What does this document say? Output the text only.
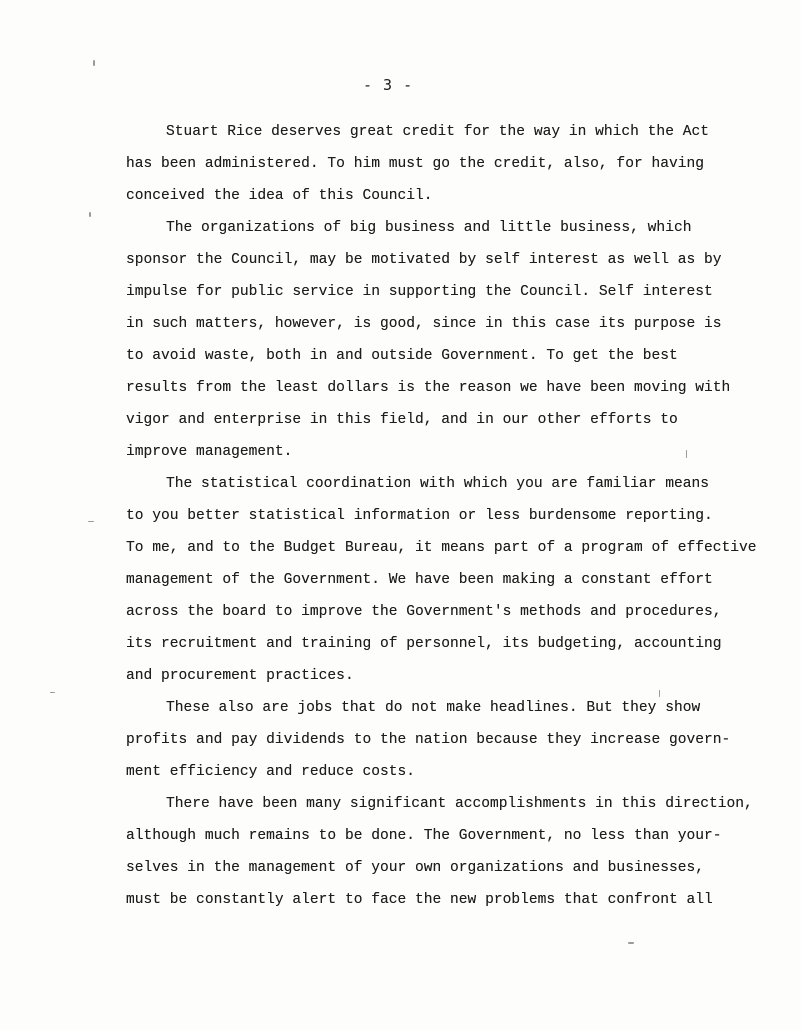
- 3 -

Stuart Rice deserves great credit for the way in which the Act
has been administered. To him must go the credit, also, for having
conceived the idea of this Council.

The organizations of big business and little business, which
sponsor the Council, may be motivated by self interest as well as by
impulse for public service in supporting the Council. Self interest
in such matters, however, is good, since in this case its purpose is
to avoid waste, both in and outside Government. To get the best
results from the least dollars is the reason we have been moving with
vigor and enterprise in this field, and in our other efforts to
improve management.

The statistical coordination with which you are familiar means
to you better statistical information or less burdensome reporting.
To me, and to the Budget Bureau, it means part of a program of effective
management of the Government. We have been making a constant effort
across the board to improve the Government's methods and procedures,
its recruitment and training of personnel, its budgeting, accounting
and procurement practices.

These also are jobs that do not make headlines. But they show
profits and pay dividends to the nation because they increase govern-
ment efficiency and reduce costs.

There have been many significant accomplishments in this direction,
although much remains to be done. The Government, no less than your-
selves in the management of your own organizations and businesses,
must be constantly alert to face the new problems that confront all
